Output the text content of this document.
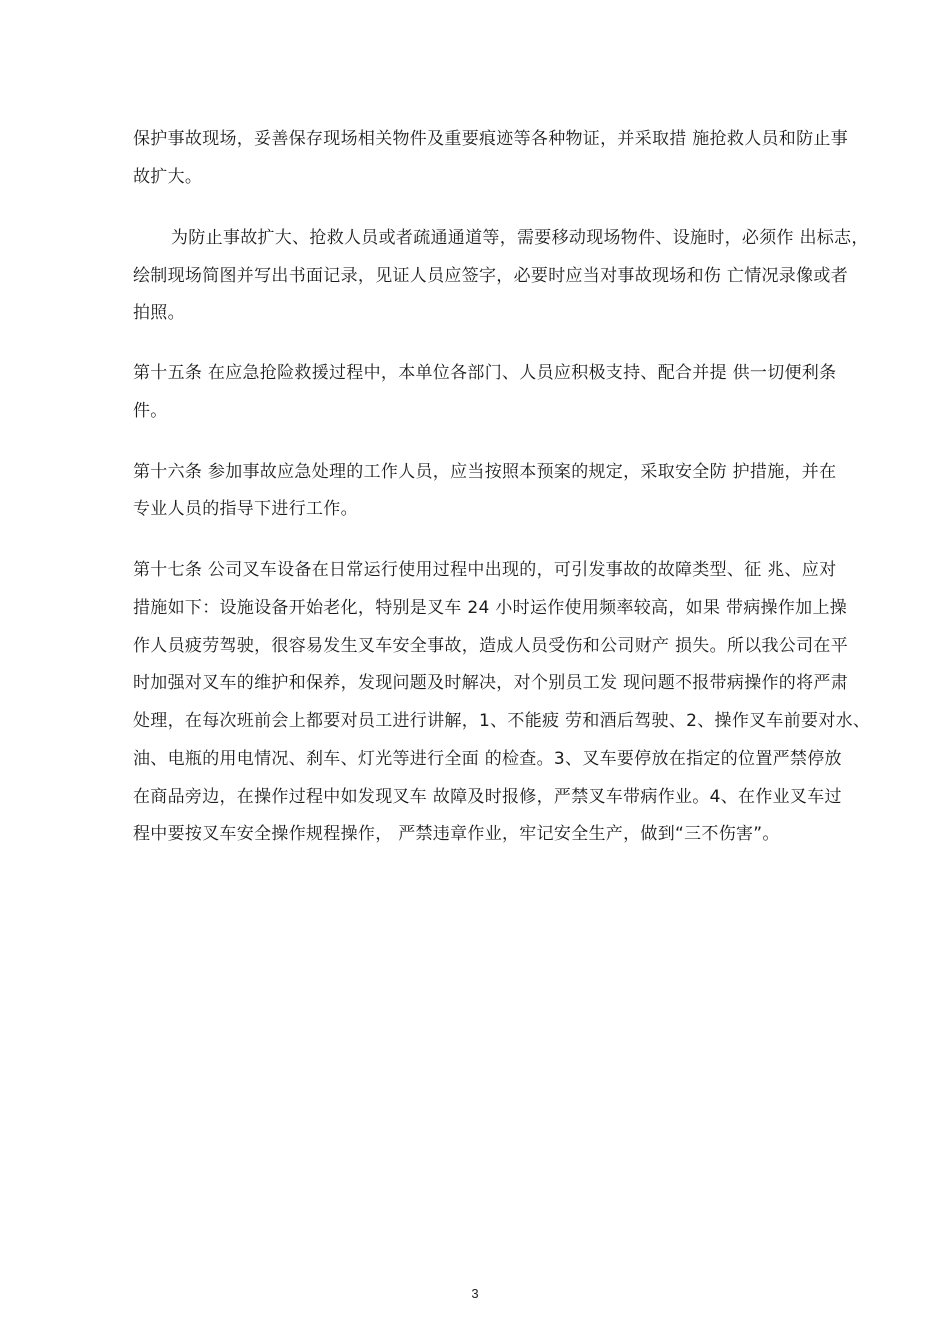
保护事故现场，妥善保存现场相关物件及重要痕迹等各种物证，并采取措 施抢救人员和防止事
故扩大。
为防止事故扩大、抢救人员或者疏通通道等，需要移动现场物件、设施时，必须作 出标志，
绘制现场简图并写出书面记录，见证人员应签字，必要时应当对事故现场和伤 亡情况录像或者
拍照。
第十五条 在应急抢险救援过程中，本单位各部门、人员应积极支持、配合并提 供一切便利条
件。
第十六条 参加事故应急处理的工作人员，应当按照本预案的规定，采取安全防 护措施，并在
专业人员的指导下进行工作。
第十七条 公司叉车设备在日常运行使用过程中出现的，可引发事故的故障类型、征 兆、应对
措施如下：设施设备开始老化，特别是叉车 24 小时运作使用频率较高，如果 带病操作加上操
作人员疲劳驾驶，很容易发生叉车安全事故，造成人员受伤和公司财产 损失。所以我公司在平
时加强对叉车的维护和保养，发现问题及时解决，对个别员工发 现问题不报带病操作的将严肃
处理，在每次班前会上都要对员工进行讲解，1、不能疲 劳和酒后驾驶、2、操作叉车前要对水、
油、电瓶的用电情况、刹车、灯光等进行全面 的检查。3、叉车要停放在指定的位置严禁停放
在商品旁边，在操作过程中如发现叉车 故障及时报修，严禁叉车带病作业。4、在作业叉车过
程中要按叉车安全操作规程操作， 严禁违章作业，牢记安全生产，做到“三不伤害”。
3
